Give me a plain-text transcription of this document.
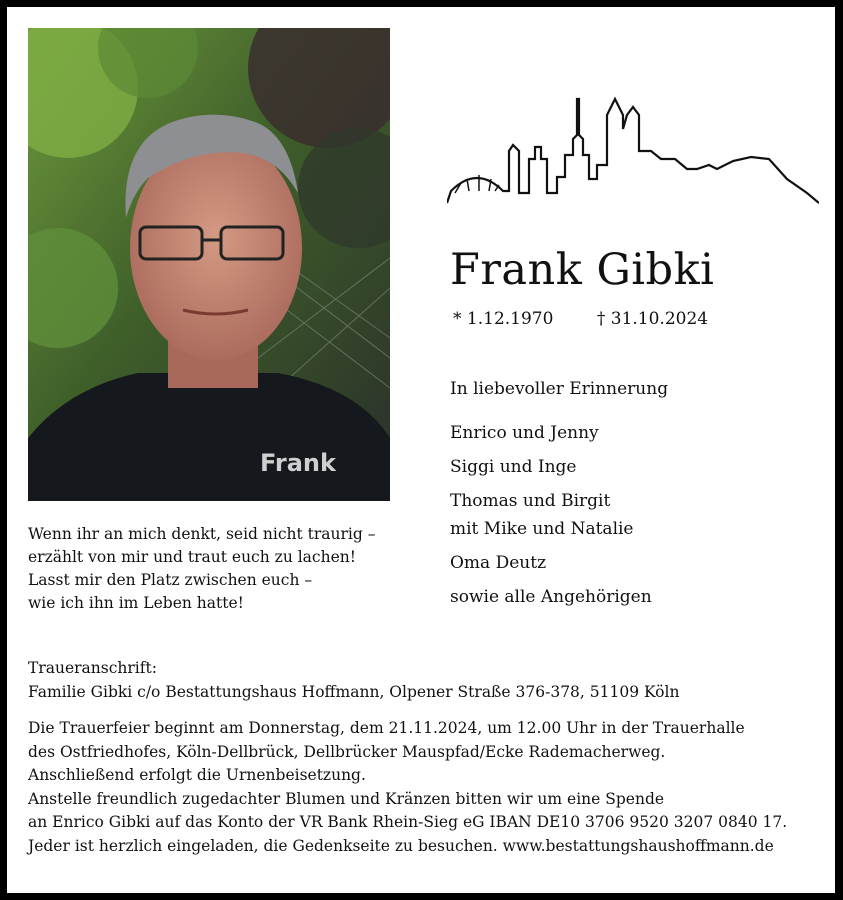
Frank
Wenn ihr an mich denkt, seid nicht traurig –
erzählt von mir und traut euch zu lachen!
Lasst mir den Platz zwischen euch –
wie ich ihn im Leben hatte!
Frank Gibki
* 1.12.1970	† 31.10.2024
In liebevoller Erinnerung
Enrico und Jenny
Siggi und Inge
Thomas und Birgit
mit Mike und Natalie
Oma Deutz
sowie alle Angehörigen
Traueranschrift:
Familie Gibki c/o Bestattungshaus Hoffmann, Olpener Straße 376-378, 51109 Köln
Die Trauerfeier beginnt am Donnerstag, dem 21.11.2024, um 12.00 Uhr in der Trauerhalle
des Ostfriedhofes, Köln-Dellbrück, Dellbrücker Mauspfad/Ecke Rademacherweg.
Anschließend erfolgt die Urnenbeisetzung.
Anstelle freundlich zugedachter Blumen und Kränzen bitten wir um eine Spende
an Enrico Gibki auf das Konto der VR Bank Rhein-Sieg eG IBAN DE10 3706 9520 3207 0840 17.
Jeder ist herzlich eingeladen, die Gedenkseite zu besuchen. www.bestattungshaushoffmann.de
